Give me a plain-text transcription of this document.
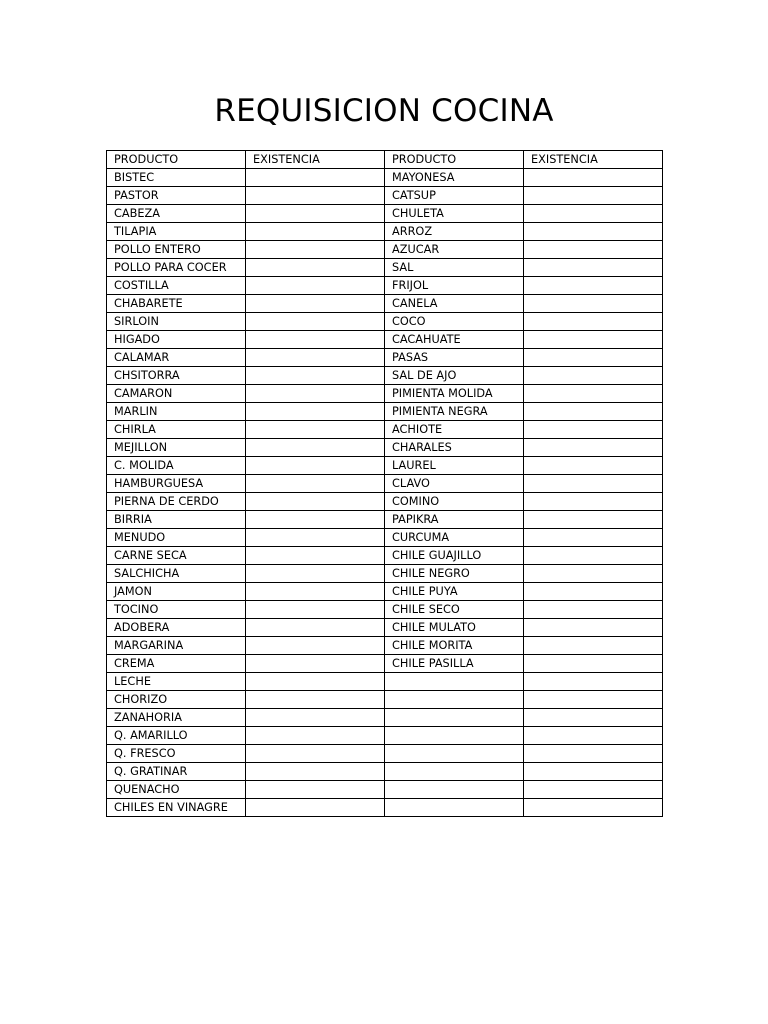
REQUISICION COCINA
PRODUCTO	EXISTENCIA	PRODUCTO	EXISTENCIA
BISTEC		MAYONESA	
PASTOR		CATSUP	
CABEZA		CHULETA	
TILAPIA		ARROZ	
POLLO ENTERO		AZUCAR	
POLLO PARA COCER		SAL	
COSTILLA		FRIJOL	
CHABARETE		CANELA	
SIRLOIN		COCO	
HIGADO		CACAHUATE	
CALAMAR		PASAS	
CHSITORRA		SAL DE AJO	
CAMARON		PIMIENTA MOLIDA	
MARLIN		PIMIENTA NEGRA	
CHIRLA		ACHIOTE	
MEJILLON		CHARALES	
C. MOLIDA		LAUREL	
HAMBURGUESA		CLAVO	
PIERNA DE CERDO		COMINO	
BIRRIA		PAPIKRA	
MENUDO		CURCUMA	
CARNE SECA		CHILE GUAJILLO	
SALCHICHA		CHILE NEGRO	
JAMON		CHILE PUYA	
TOCINO		CHILE SECO	
ADOBERA		CHILE MULATO	
MARGARINA		CHILE MORITA	
CREMA		CHILE PASILLA	
LECHE			
CHORIZO			
ZANAHORIA			
Q. AMARILLO			
Q. FRESCO			
Q. GRATINAR			
QUENACHO			
CHILES EN VINAGRE			
